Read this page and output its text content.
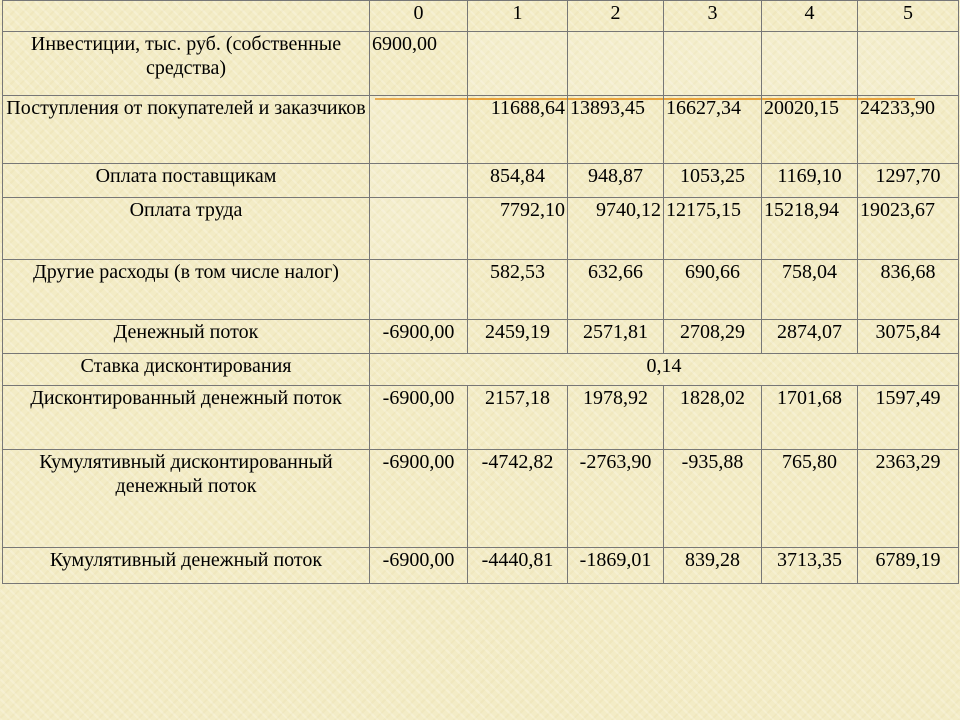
	0	1	2	3	4	5
Инвестиции, тыс. руб. (собственные средства)	6900,00					
Поступления от покупателей и заказчиков		11688,64	13893,45	16627,34	20020,15	24233,90
Оплата поставщикам		854,84	948,87	1053,25	1169,10	1297,70
Оплата труда		7792,10	9740,12	12175,15	15218,94	19023,67
Другие расходы (в том числе налог)		582,53	632,66	690,66	758,04	836,68
Денежный поток	-6900,00	2459,19	2571,81	2708,29	2874,07	3075,84
Ставка дисконтирования	0,14					
Дисконтированный денежный поток	-6900,00	2157,18	1978,92	1828,02	1701,68	1597,49
Кумулятивный дисконтированный денежный поток	-6900,00	-4742,82	-2763,90	-935,88	765,80	2363,29
Кумулятивный денежный поток	-6900,00	-4440,81	-1869,01	839,28	3713,35	6789,19
